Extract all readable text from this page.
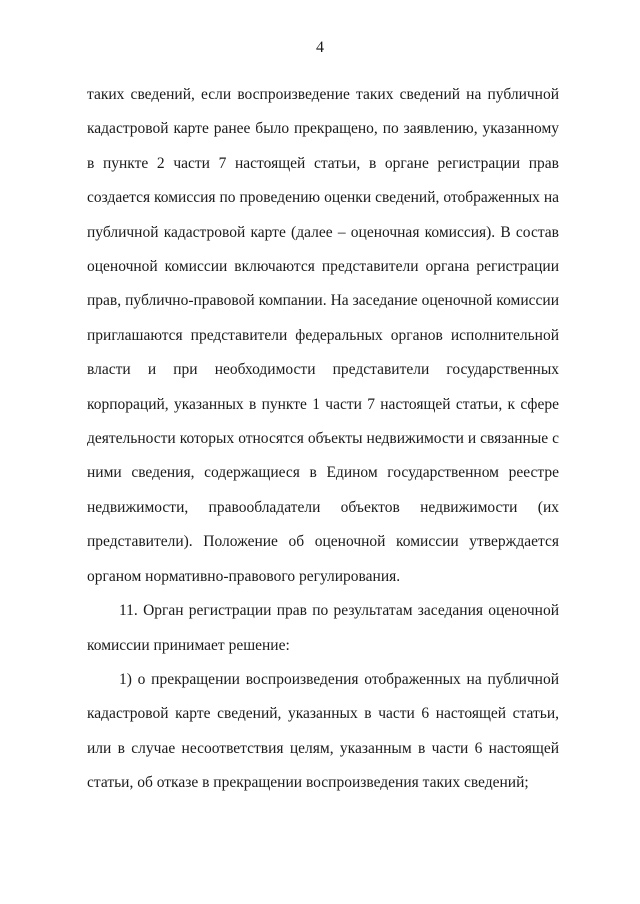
4

таких сведений, если воспроизведение таких сведений на публичной кадастровой карте ранее было прекращено, по заявлению, указанному в пункте 2 части 7 настоящей статьи, в органе регистрации прав создается комиссия по проведению оценки сведений, отображенных на публичной кадастровой карте (далее – оценочная комиссия). В состав оценочной комиссии включаются представители органа регистрации прав, публично-правовой компании. На заседание оценочной комиссии приглашаются представители федеральных органов исполнительной власти и при необходимости представители государственных корпораций, указанных в пункте 1 части 7 настоящей статьи, к сфере деятельности которых относятся объекты недвижимости и связанные с ними сведения, содержащиеся в Едином государственном реестре недвижимости, правообладатели объектов недвижимости (их представители). Положение об оценочной комиссии утверждается органом нормативно-правового регулирования.

11. Орган регистрации прав по результатам заседания оценочной комиссии принимает решение:

1) о прекращении воспроизведения отображенных на публичной кадастровой карте сведений, указанных в части 6 настоящей статьи, или в случае несоответствия целям, указанным в части 6 настоящей статьи, об отказе в прекращении воспроизведения таких сведений;
